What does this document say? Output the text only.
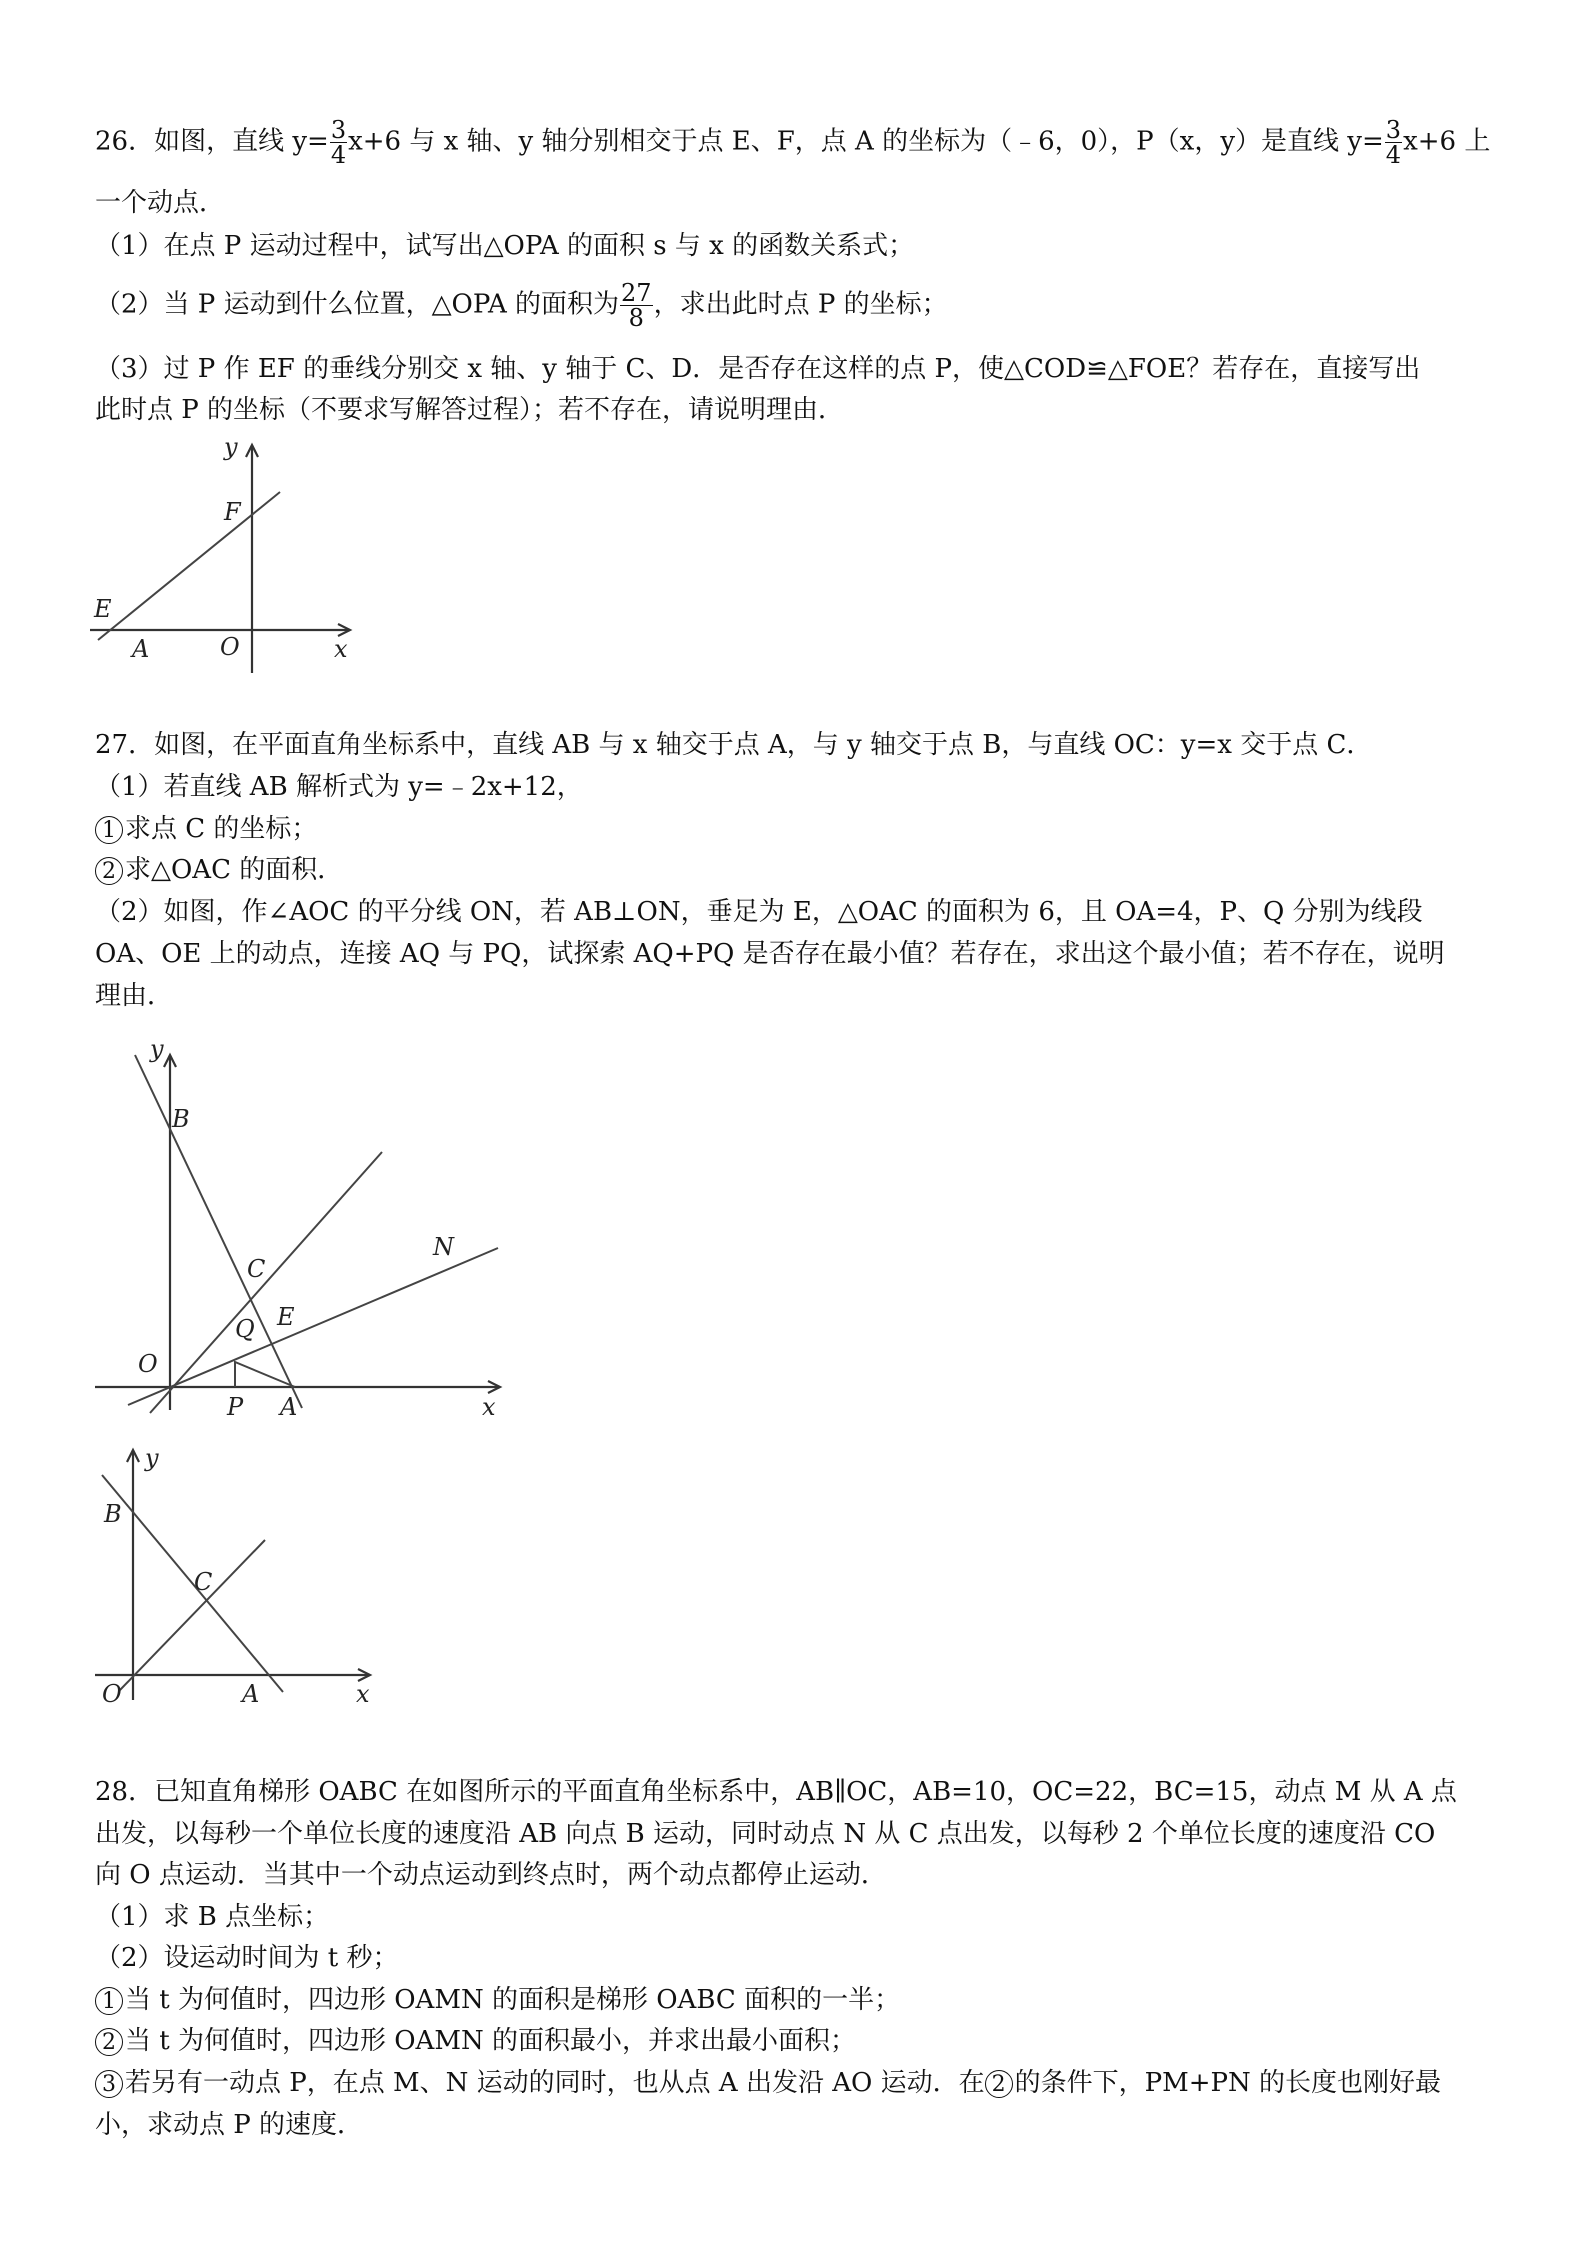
26．如图，直线 $y= \frac{3}{4} x+6$ 与 x 轴、y 轴分别相交于点 E、F，点 A 的坐标为（﹣6，0），P（x，y）是直线 $y= \frac{3}{4} x+6$ 上
一个动点．
（1）在点 P 运动过程中，试写出△OPA 的面积 s 与 x 的函数关系式；
（2）当 P 运动到什么位置，△OPA 的面积为 $\frac{27}{8}$ ，求出此时点 P 的坐标；
（3）过 P 作 EF 的垂线分别交 x 轴、y 轴于 C、D．是否存在这样的点 P，使△COD≌△FOE？若存在，直接写出
此时点 P 的坐标（不要求写解答过程）；若不存在，请说明理由．
y
F
E
A	O	x
27．如图，在平面直角坐标系中，直线 AB 与 x 轴交于点 A，与 y 轴交于点 B，与直线 OC：y=x 交于点 C．
（1）若直线 AB 解析式为 y=﹣2x+12，
1 求点 C 的坐标；
2 求△OAC 的面积．
（2）如图，作∠AOC 的平分线 ON，若 AB⊥ON，垂足为 E，△OAC 的面积为 6，且 OA=4，P、Q 分别为线段
OA、OE 上的动点，连接 AQ 与 PQ，试探索 AQ+PQ 是否存在最小值？若存在，求出这个最小值；若不存在，说明
理由．
y
B
C
N
Q E
O
P A	x
y
B
C
O	A	x
28．已知直角梯形 OABC 在如图所示的平面直角坐标系中，AB∥OC，AB=10，OC=22，BC=15，动点 M 从 A 点
出发，以每秒一个单位长度的速度沿 AB 向点 B 运动，同时动点 N 从 C 点出发，以每秒 2 个单位长度的速度沿 CO
向 O 点运动．当其中一个动点运动到终点时，两个动点都停止运动．
（1）求 B 点坐标；
（2）设运动时间为 t 秒；
1 当 t 为何值时，四边形 OAMN 的面积是梯形 OABC 面积的一半；
2 当 t 为何值时，四边形 OAMN 的面积最小，并求出最小面积；
3 若另有一动点 P，在点 M、N 运动的同时，也从点 A 出发沿 AO 运动．在 2 的条件下，PM+PN 的长度也刚好最
小，求动点 P 的速度．
